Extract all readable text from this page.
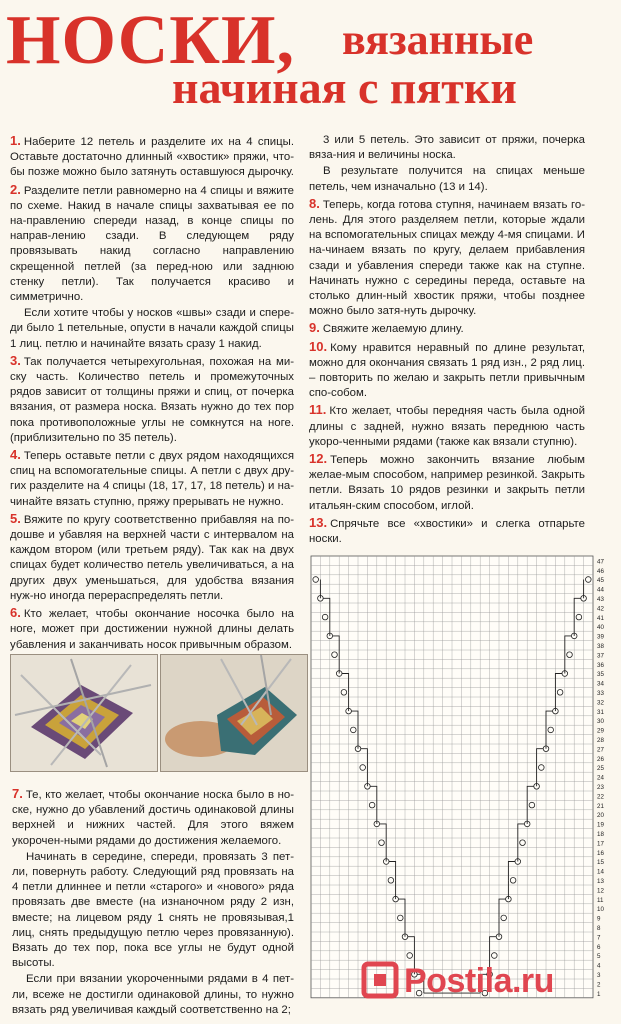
НОСКИ, вязанные
начиная с пятки

1. Наберите 12 петель и разделите их на 4 спицы. Оставьте достаточно длинный «хвостик» пряжи, что-бы позже можно было затянуть оставшуюся дырочку.

2. Разделите петли равномерно на 4 спицы и вяжите по схеме. Накид в начале спицы захватывая ее по на-правлению спереди назад, в конце спицы по направ-лению сзади. В следующем ряду провязывать накид согласно направлению скрещенной петлей (за перед-ною или заднюю стенку петли). Так получается красиво и симметрично.

Если хотите чтобы у носков «швы» сзади и спере-ди было 1 петельные, опусти в начали каждой спицы 1 лиц. петлю и начинайте вязать сразу 1 накид.

3. Так получается четырехугольная, похожая на ми-ску часть. Количество петель и промежуточных рядов зависит от толщины пряжи и спиц, от почерка вязания, от размера носка. Вязать нужно до тех пор пока противоположные углы не сомкнутся на ноге. (приблизительно по 35 петель).

4. Теперь оставьте петли с двух рядом находящихся спиц на вспомогательные спицы. А петли с двух дру-гих разделите на 4 спицы (18, 17, 17, 18 петель) и на-чинайте вязать ступню, пряжу прерывать не нужно.

5. Вяжите по кругу соответственно прибавляя на по-дошве и убавляя на верхней части с интервалом на каждом втором (или третьем ряду). Так как на двух спицах будет количество петель увеличиваться, а на других двух уменьшаться, для удобства вязания нуж-но иногда перераспределять петли.

6. Кто желает, чтобы окончание носочка было на ноге, может при достижении нужной длины делать убавления и заканчивать носок привычным образом.

3 или 5 петель. Это зависит от пряжи, почерка вяза-ния и величины носка.

В результате получится на спицах меньше петель, чем изначально (13 и 14).

8. Теперь, когда готова ступня, начинаем вязать го-лень. Для этого разделяем петли, которые ждали на вспомогательных спицах между 4-мя спицами. И на-чинаем вязать по кругу, делаем прибавления сзади и убавления спереди также как на ступне. Начинать нужно с середины переда, оставьте на столько длин-ный хвостик пряжи, чтобы позднее можно было затя-нуть дырочку.

9. Свяжите желаемую длину.

10. Кому нравится неравный по длине результат, можно для окончания связать 1 ряд изн., 2 ряд лиц. – повторить по желаю и закрыть петли привычным спо-собом.

11. Кто желает, чтобы передняя часть была одной длины с задней, нужно вязать переднюю часть укоро-ченными рядами (также как вязали ступню).

12. Теперь можно закончить вязание любым желае-мым способом, например резинкой. Закрыть петли. Вязать 10 рядов резинки и закрыть петли итальян-ским способом, иглой.

13. Спрячьте все «хвостики» и слегка отпарьте носки.

7. Те, кто желает, чтобы окончание носка было в но-ске, нужно до убавлений достичь одинаковой длины верхней и нижних частей. Для этого вяжем укорочен-ными рядами до достижения желаемого.

Начинать в середине, спереди, провязать 3 пет-ли, повернуть работу. Следующий ряд провязать на 4 петли длиннее и петли «старого» и «нового» ряда провязать две вместе (на изнаночном ряду 2 изн, вместе; на лицевом ряду 1 снять не провязывая,1 лиц, снять предыдущую петлю через провязанную). Вязать до тех пор, пока все углы не будут одной высоты.

Если при вязании укороченными рядами в 4 пет-ли, всеже не достигли одинаковой длины, то нужно вязать ряд увеличивая каждый соответственно на 2;

1
2
3
4
5
6
7
8
9
10
11
12
13
14
15
16
17
18
19
20
21
22
23
24
25
26
27
28
29
30
31
32
33
34
35
36
37
38
39
40
41
42
43
44
45
46
47
Postila.ru
